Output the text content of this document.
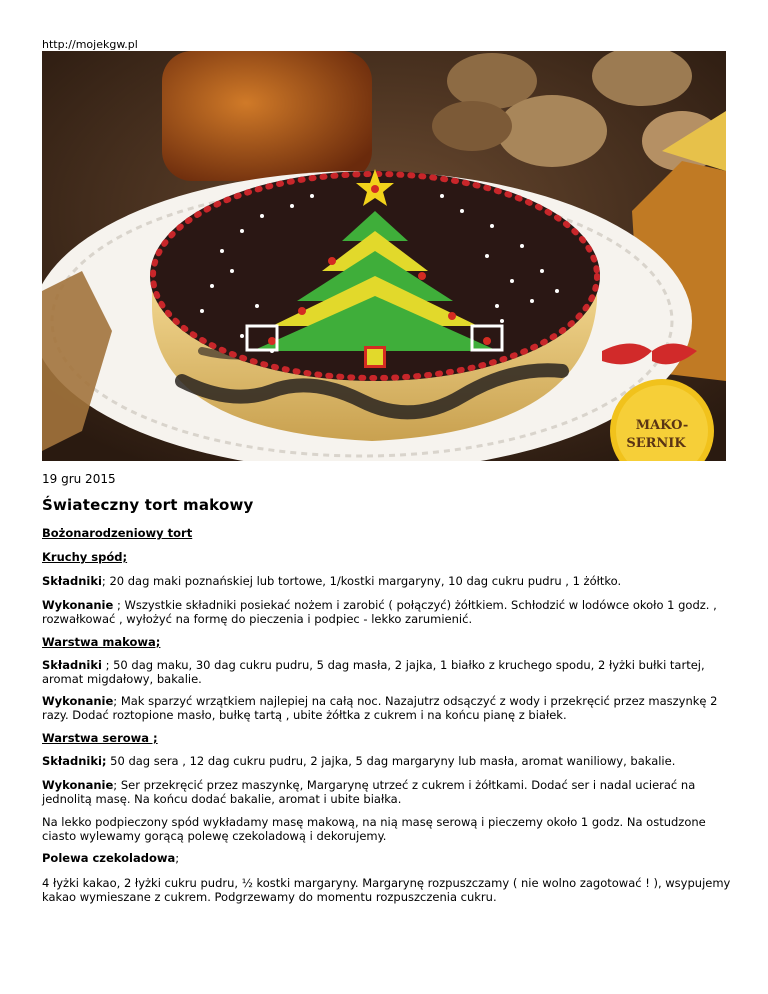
http://mojekgw.pl
MAKO-
SERNIK
19 gru 2015
Świateczny tort makowy
Bożonarodzeniowy tort
Kruchy spód;
Składniki; 20 dag maki poznańskiej lub tortowe, 1/kostki margaryny, 10 dag cukru pudru , 1 żółtko.
Wykonanie ; Wszystkie składniki posiekać nożem i zarobić ( połączyć) żółtkiem. Schłodzić w lodówce około 1 godz. , rozwałkować , wyłożyć na formę do pieczenia i podpiec - lekko zarumienić.
Warstwa makowa;
Składniki ; 50 dag maku, 30 dag cukru pudru, 5 dag masła, 2 jajka, 1 białko z kruchego spodu, 2 łyżki bułki tartej, aromat migdałowy, bakalie.
Wykonanie; Mak sparzyć wrzątkiem najlepiej na całą noc. Nazajutrz odsączyć z wody i przekręcić przez maszynkę 2 razy. Dodać roztopione masło, bułkę tartą , ubite żółtka z cukrem i na końcu pianę z białek.
Warstwa serowa ;
Składniki; 50 dag sera , 12 dag cukru pudru, 2 jajka, 5 dag margaryny lub masła, aromat waniliowy, bakalie.
Wykonanie; Ser przekręcić przez maszynkę, Margarynę utrzeć z cukrem i żółtkami. Dodać ser i nadal ucierać na jednolitą masę. Na końcu dodać bakalie, aromat i ubite białka.
Na lekko podpieczony spód wykładamy masę makową, na nią masę serową i pieczemy około 1 godz. Na ostudzone ciasto wylewamy gorącą polewę czekoladową i dekorujemy.
Polewa czekoladowa;
4 łyżki kakao, 2 łyżki cukru pudru, ½ kostki margaryny. Margarynę rozpuszczamy ( nie wolno zagotować ! ), wsypujemy kakao wymieszane z cukrem. Podgrzewamy do momentu rozpuszczenia cukru.
